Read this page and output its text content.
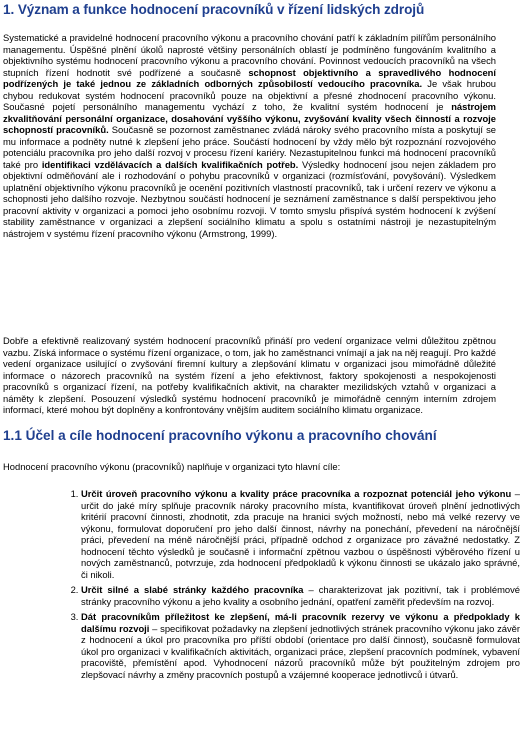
1. Význam a funkce hodnocení pracovníků v řízení lidských zdrojů
Systematické a pravidelné hodnocení pracovního výkonu a pracovního chování patří k základním pilířům personálního managementu. Úspěšné plnění úkolů naprosté většiny personálních oblastí je podmíněno fungováním kvalitního a objektivního systému hodnocení pracovního výkonu a pracovního chování. Povinnost vedoucích pracovníků na všech stupních řízení hodnotit své podřízené a současně schopnost objektivního a spravedlivého hodnocení podřízených je také jednou ze základních odborných způsobilostí vedoucího pracovníka. Je však hrubou chybou redukovat systém hodnocení pracovníků pouze na objektivní a přesné zhodnocení pracovního výkonu. Současné pojetí personálního managementu vychází z toho, že kvalitní systém hodnocení je nástrojem zkvalitňování personální organizace, dosahování vyššího výkonu, zvyšování kvality všech činností a rozvoje schopností pracovníků. Současně se pozornost zaměstnanec zvládá nároky svého pracovního místa a poskytují se mu informace a podněty nutné k zlepšení jeho práce. Součástí hodnocení by vždy mělo být rozpoznání rozvojového potenciálu pracovníka pro jeho další rozvoj v procesu řízení kariéry. Nezastupitelnou funkci má hodnocení pracovníků také pro identifikaci vzdělávacích a dalších kvalifikačních potřeb. Výsledky hodnocení jsou nejen základem pro objektivní odměňování ale i rozhodování o pohybu pracovníků v organizaci (rozmísťování, povyšování). Výsledkem uplatnění objektivního výkonu pracovníků je ocenění pozitivních vlastností pracovníků, tak i určení rezerv ve výkonu a schopnosti jeho dalšího rozvoje. Nezbytnou součástí hodnocení je seznámení zaměstnance s další perspektivou jeho pracovní aktivity v organizaci a pomoci jeho osobnímu rozvoji. V tomto smyslu přispívá systém hodnocení k zvýšení stability zaměstnance v organizaci a zlepšení sociálního klimatu a spolu s ostatními nástroji je nezastupitelným nástrojem v systému řízení pracovního výkonu (Armstrong, 1999).
Dobře a efektivně realizovaný systém hodnocení pracovníků přináší pro vedení organizace velmi důležitou zpětnou vazbu. Získá informace o systému řízení organizace, o tom, jak ho zaměstnanci vnímají a jak na něj reagují. Pro každé vedení organizace usilující o zvyšování firemní kultury a zlepšování klimatu v organizaci jsou mimořádně důležité informace o názorech pracovníků na systém řízení a jeho efektivnost, faktory spokojenosti a nespokojenosti pracovníků s organizací řízení, na potřeby kvalifikačních aktivit, na charakter mezilidských vztahů v organizaci a náměty k zlepšení. Posouzení výsledků systému hodnocení pracovníků je mimořádně cenným interním zdrojem informací, které mohou být doplněny a konfrontovány vnějším auditem sociálního klimatu organizace.
1.1 Účel a cíle hodnocení pracovního výkonu a pracovního chování
Hodnocení pracovního výkonu (pracovníků) naplňuje v organizaci tyto hlavní cíle:
1. Určit úroveň pracovního výkonu a kvality práce pracovníka a rozpoznat potenciál jeho výkonu – určit do jaké míry splňuje pracovník nároky pracovního místa, kvantifikovat úroveň plnění jednotlivých kritérií pracovní činnosti, zhodnotit, zda pracuje na hranici svých možností, nebo má velké rezervy ve výkonu, formulovat doporučení pro jeho další činnost, návrhy na ponechání, převedení na náročnější práci, převedení na méně náročnější práci, případně odchod z organizace pro závažné nedostatky. Z hodnocení těchto výsledků je současně i informační zpětnou vazbou o úspěšnosti výběrového řízení u nových zaměstnanců, potvrzuje, zda hodnocení předpokladů k výkonu činnosti se ukázalo jako správné, či nikoli.
2. Určit silné a slabé stránky každého pracovníka – charakterizovat jak pozitivní, tak i problémové stránky pracovního výkonu a jeho kvality a osobního jednání, opatření zaměřit především na rozvoj.
3. Dát pracovníkům příležitost ke zlepšení, má-li pracovník rezervy ve výkonu a předpoklady k dalšímu rozvoji – specifikovat požadavky na zlepšení jednotlivých stránek pracovního výkonu jako závěr z hodnocení a úkol pro pracovníka pro příští období (orientace pro další činnost), současně formulovat úkol pro organizaci v kvalifikačních aktivitách, organizaci práce, zlepšení pracovních podmínek, vybavení pracoviště, přemístění apod. Vyhodnocení názorů pracovníků může být použitelným zdrojem pro zlepšovací návrhy a změny pracovních postupů a vzájemné kooperace jednotlivců i útvarů.
